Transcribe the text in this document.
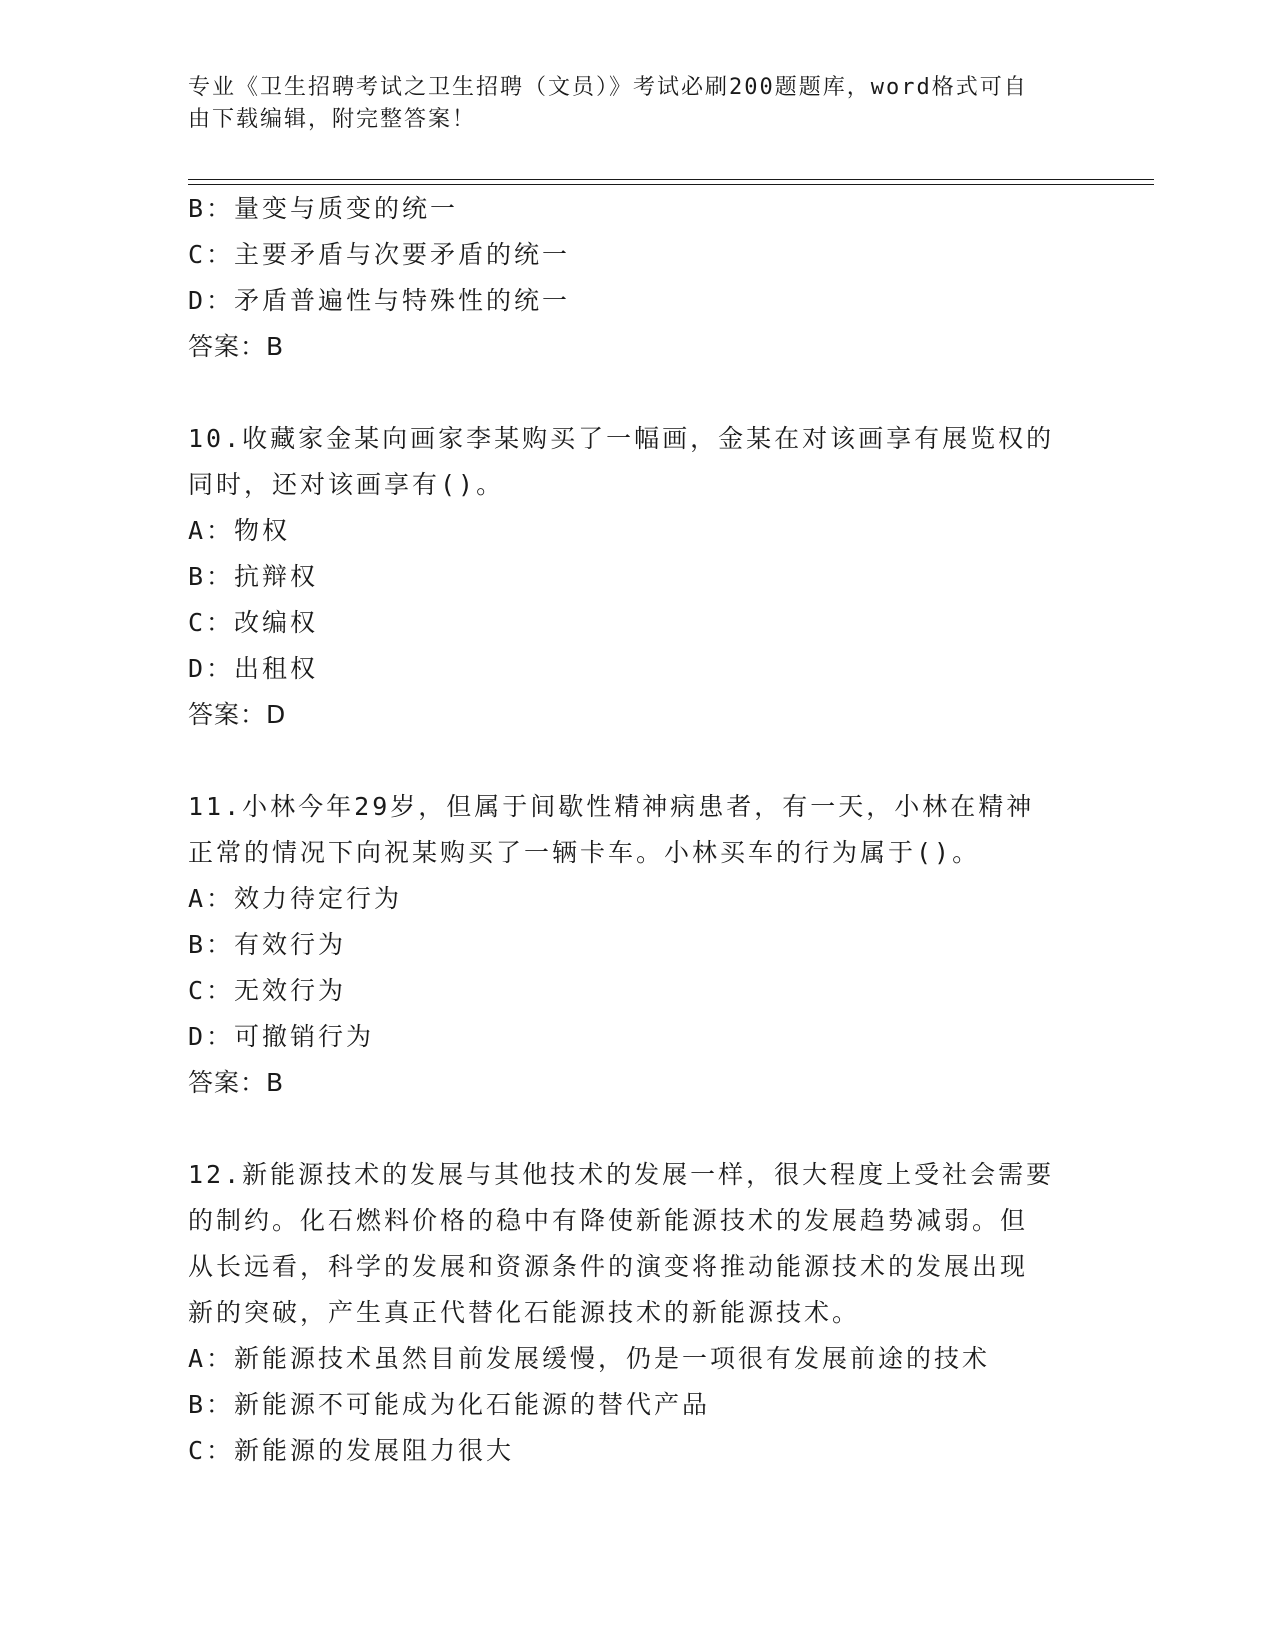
专业《卫生招聘考试之卫生招聘（文员）》考试必刷200题题库，word格式可自
由下载编辑，附完整答案！
B：量变与质变的统一
C：主要矛盾与次要矛盾的统一
D：矛盾普遍性与特殊性的统一
答案：B
10.收藏家金某向画家李某购买了一幅画，金某在对该画享有展览权的
同时，还对该画享有()。
A：物权
B：抗辩权
C：改编权
D：出租权
答案：D
11.小林今年29岁，但属于间歇性精神病患者，有一天，小林在精神
正常的情况下向祝某购买了一辆卡车。小林买车的行为属于()。
A：效力待定行为
B：有效行为
C：无效行为
D：可撤销行为
答案：B
12.新能源技术的发展与其他技术的发展一样，很大程度上受社会需要
的制约。化石燃料价格的稳中有降使新能源技术的发展趋势减弱。但
从长远看，科学的发展和资源条件的演变将推动能源技术的发展出现
新的突破，产生真正代替化石能源技术的新能源技术。
A：新能源技术虽然目前发展缓慢，仍是一项很有发展前途的技术
B：新能源不可能成为化石能源的替代产品
C：新能源的发展阻力很大
